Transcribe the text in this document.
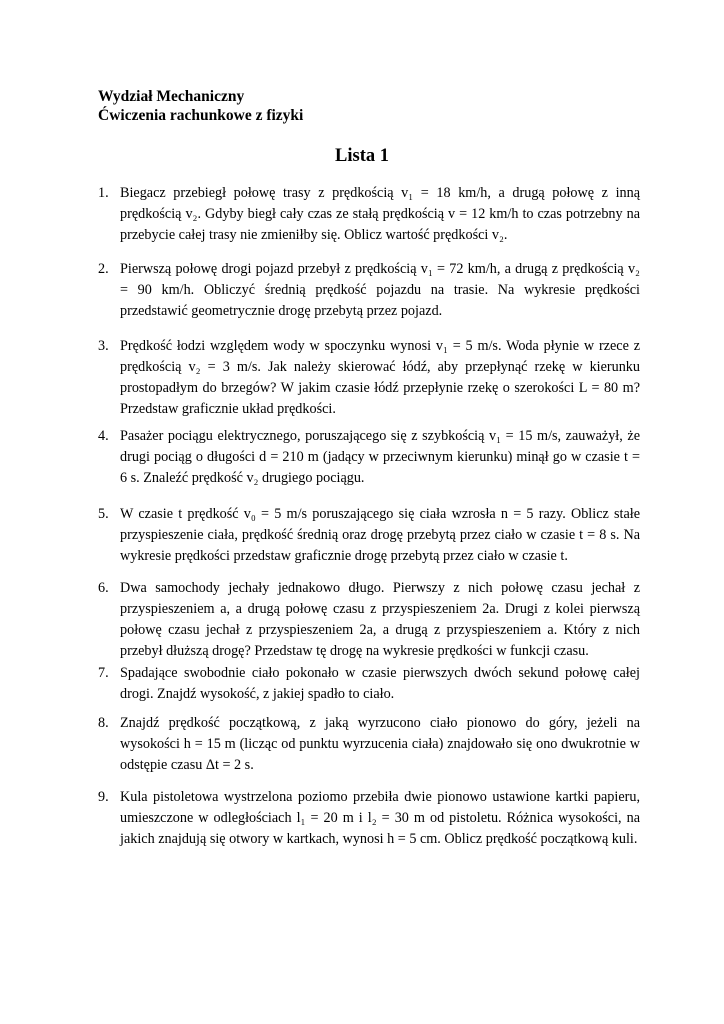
Wydział Mechaniczny
Ćwiczenia rachunkowe z fizyki
Lista 1
1. Biegacz przebiegł połowę trasy z prędkością v₁ = 18 km/h, a drugą połowę z inną prędkością v₂. Gdyby biegł cały czas ze stałą prędkością v = 12 km/h to czas potrzebny na przebycie całej trasy nie zmieniłby się. Oblicz wartość prędkości v₂.
2. Pierwszą połowę drogi pojazd przebył z prędkością v₁ = 72 km/h, a drugą z prędkością v₂ = 90 km/h. Obliczyć średnią prędkość pojazdu na trasie. Na wykresie prędkości przedstawić geometrycznie drogę przebytą przez pojazd.
3. Prędkość łodzi względem wody w spoczynku wynosi v₁ = 5 m/s. Woda płynie w rzece z prędkością v₂ = 3 m/s. Jak należy skierować łódź, aby przepłynąć rzekę w kierunku prostopadłym do brzegów? W jakim czasie łódź przepłynie rzekę o szerokości L = 80 m? Przedstaw graficznie układ prędkości.
4. Pasażer pociągu elektrycznego, poruszającego się z szybkością v₁ = 15 m/s, zauważył, że drugi pociąg o długości d = 210 m (jadący w przeciwnym kierunku) minął go w czasie t = 6 s. Znaleźć prędkość v₂ drugiego pociągu.
5. W czasie t prędkość v₀ = 5 m/s poruszającego się ciała wzrosła n = 5 razy. Oblicz stałe przyspieszenie ciała, prędkość średnią oraz drogę przebytą przez ciało w czasie t = 8 s. Na wykresie prędkości przedstaw graficznie drogę przebytą przez ciało w czasie t.
6. Dwa samochody jechały jednakowo długo. Pierwszy z nich połowę czasu jechał z przyspieszeniem a, a drugą połowę czasu z przyspieszeniem 2a. Drugi z kolei pierwszą połowę czasu jechał z przyspieszeniem 2a, a drugą z przyspieszeniem a. Który z nich przebył dłuższą drogę? Przedstaw tę drogę na wykresie prędkości w funkcji czasu.
7. Spadające swobodnie ciało pokonało w czasie pierwszych dwóch sekund połowę całej drogi. Znajdź wysokość, z jakiej spadło to ciało.
8. Znajdź prędkość początkową, z jaką wyrzucono ciało pionowo do góry, jeżeli na wysokości h = 15 m (licząc od punktu wyrzucenia ciała) znajdowało się ono dwukrotnie w odstępie czasu Δt = 2 s.
9. Kula pistoletowa wystrzelona poziomo przebiła dwie pionowo ustawione kartki papieru, umieszczone w odległościach l₁ = 20 m i l₂ = 30 m od pistoletu. Różnica wysokości, na jakich znajdują się otwory w kartkach, wynosi h = 5 cm. Oblicz prędkość początkową kuli.
